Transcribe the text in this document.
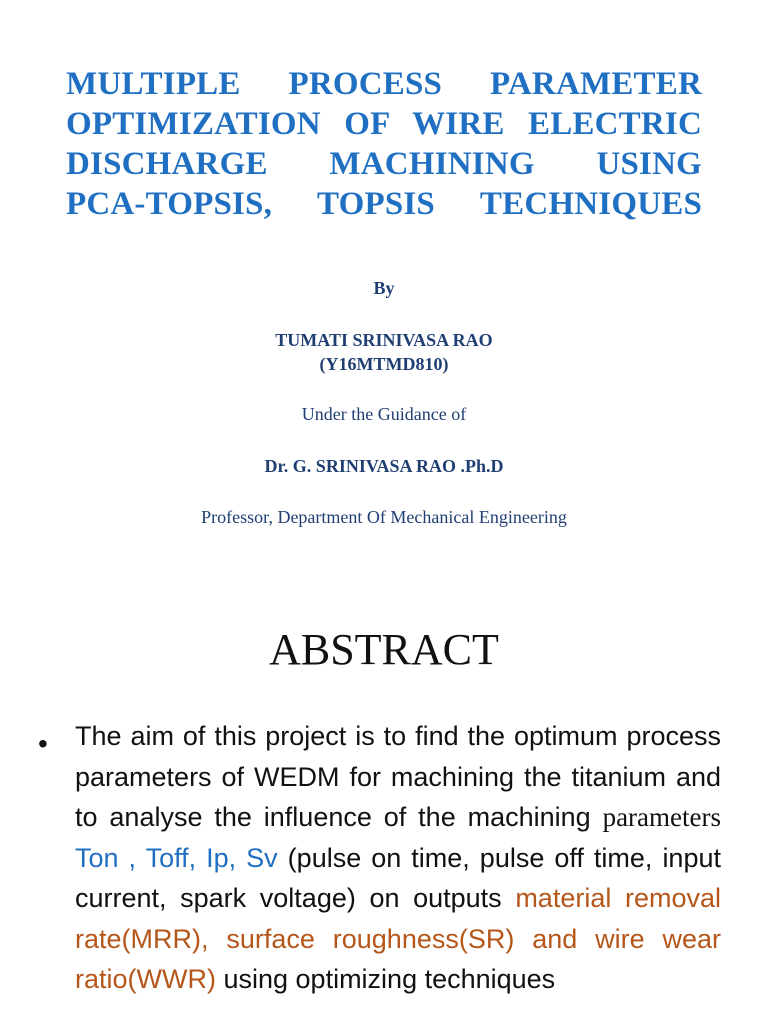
MULTIPLE PROCESS PARAMETER
OPTIMIZATION OF WIRE ELECTRIC
DISCHARGE MACHINING USING
PCA-TOPSIS, TOPSIS TECHNIQUES
By
TUMATI SRINIVASA RAO
(Y16MTMD810)
Under the Guidance of
Dr. G. SRINIVASA RAO .Ph.D
Professor, Department Of Mechanical Engineering
ABSTRACT
• The aim of this project is to find the optimum process parameters of WEDM for machining the titanium and to analyse the influence of the machining parameters Ton , Toff, Ip, Sv (pulse on time, pulse off time, input current, spark voltage) on outputs material removal rate(MRR), surface roughness(SR) and wire wear ratio(WWR) using optimizing techniques
